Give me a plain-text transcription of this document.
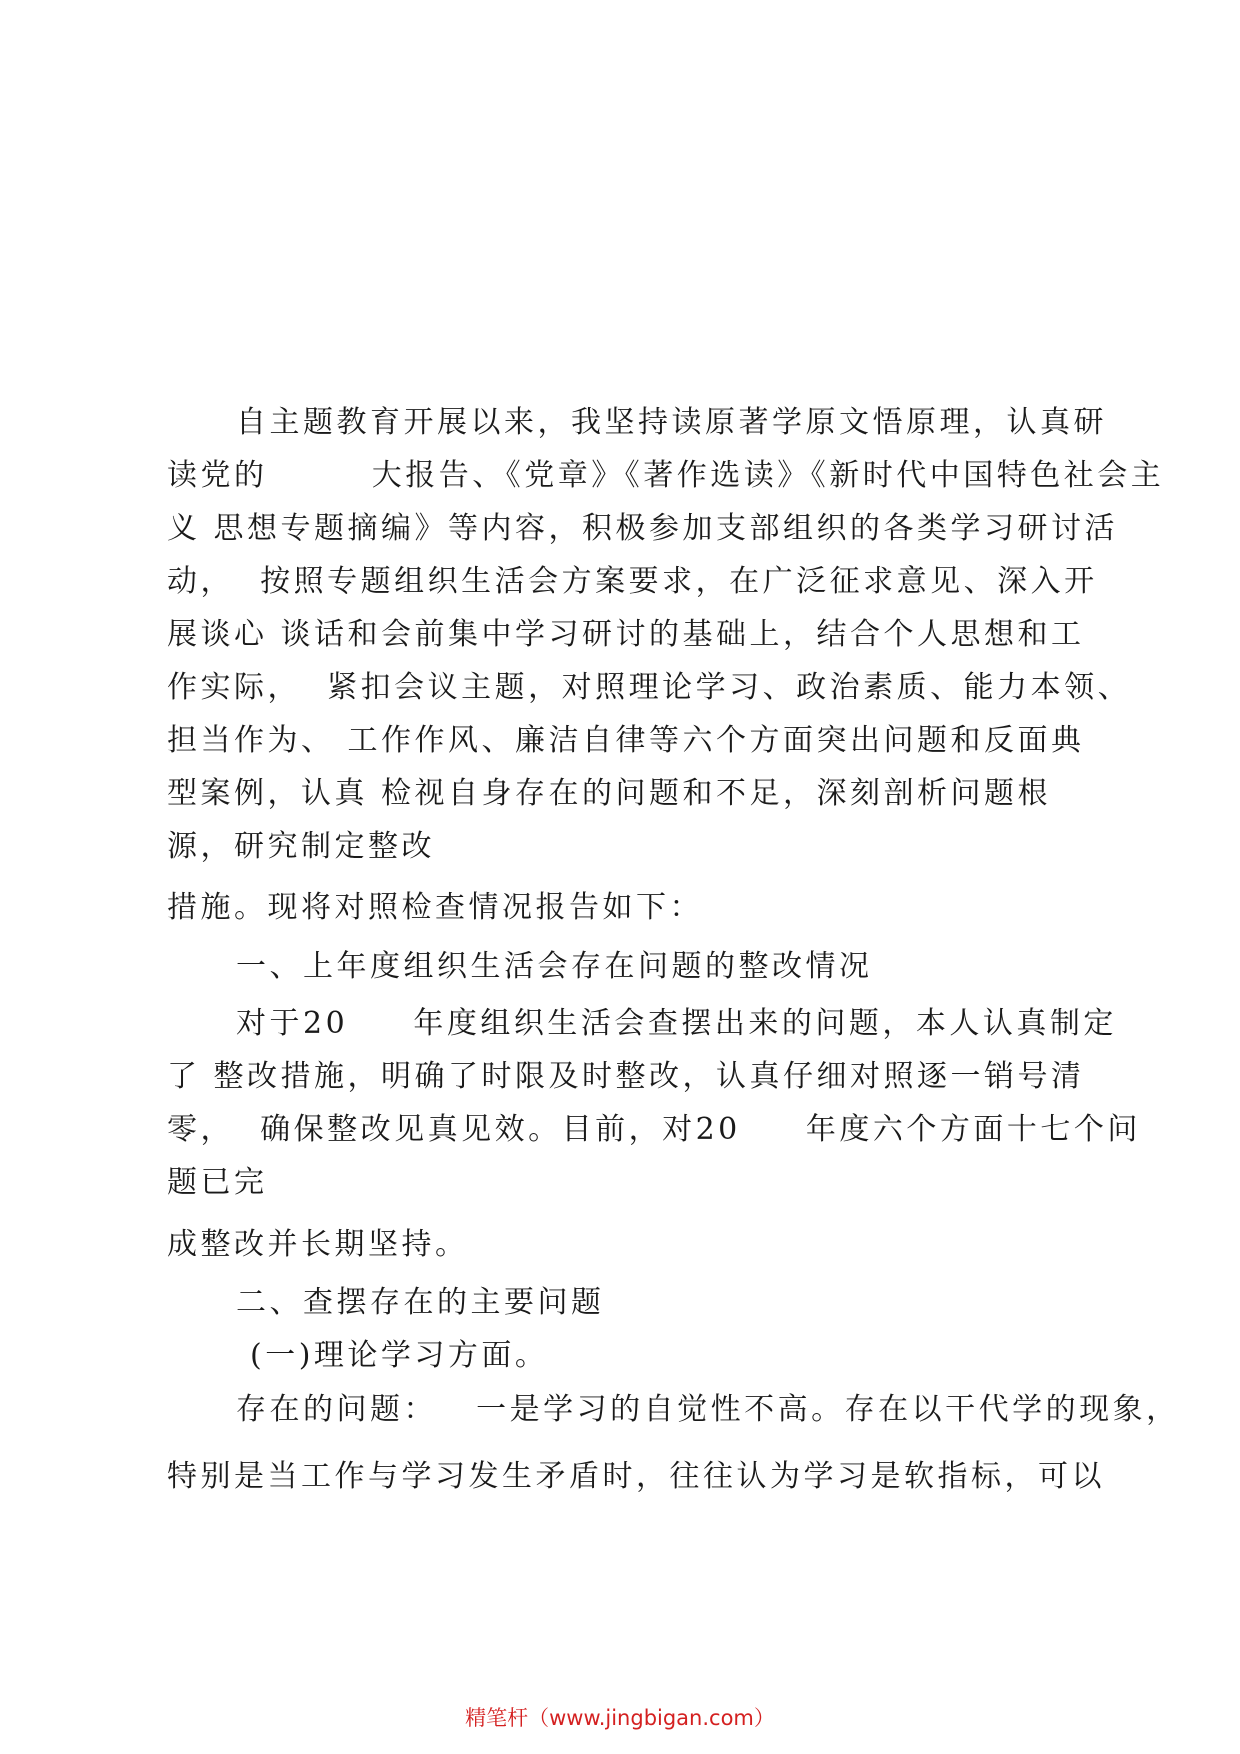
自主题教育开展以来，我坚持读原著学原文悟原理，认真研
读党的        大报告、《党章》《著作选读》《新时代中国特色社会主
义 思想专题摘编》等内容，积极参加支部组织的各类学习研讨活
动，  按照专题组织生活会方案要求，在广泛征求意见、深入开
展谈心 谈话和会前集中学习研讨的基础上，结合个人思想和工
作实际，  紧扣会议主题，对照理论学习、政治素质、能力本领、
担当作为、 工作作风、廉洁自律等六个方面突出问题和反面典
型案例，认真 检视自身存在的问题和不足，深刻剖析问题根
源，研究制定整改
措施。现将对照检查情况报告如下：
一、上年度组织生活会存在问题的整改情况
对于20     年度组织生活会查摆出来的问题，本人认真制定
了 整改措施，明确了时限及时整改，认真仔细对照逐一销号清
零，  确保整改见真见效。目前，对20     年度六个方面十七个问
题已完
成整改并长期坚持。
二、查摆存在的主要问题
(一)理论学习方面。
存在的问题：   一是学习的自觉性不高。存在以干代学的现象，
特别是当工作与学习发生矛盾时，往往认为学习是软指标，可以
精笔杆（www.jingbigan.com）
